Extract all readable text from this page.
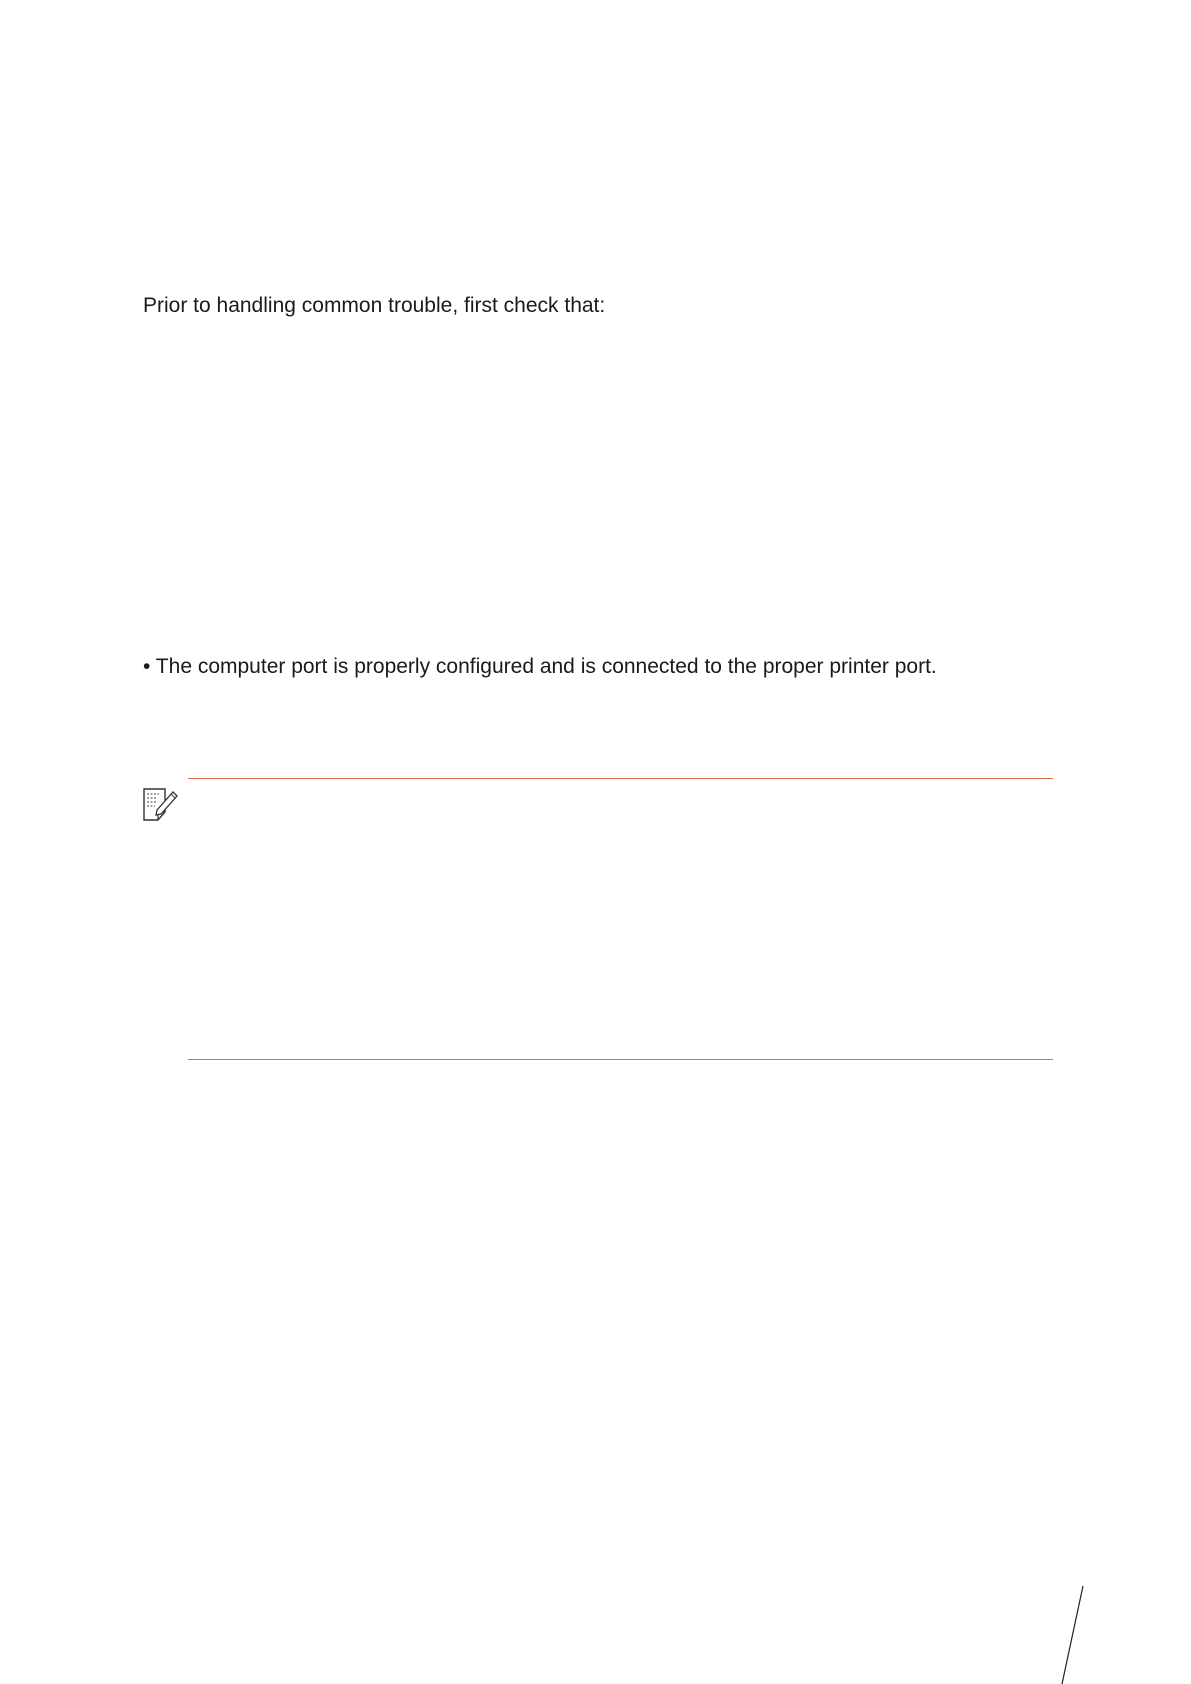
Prior to handling common trouble, first check that:

• The computer port is properly configured and is connected to the proper printer port.
